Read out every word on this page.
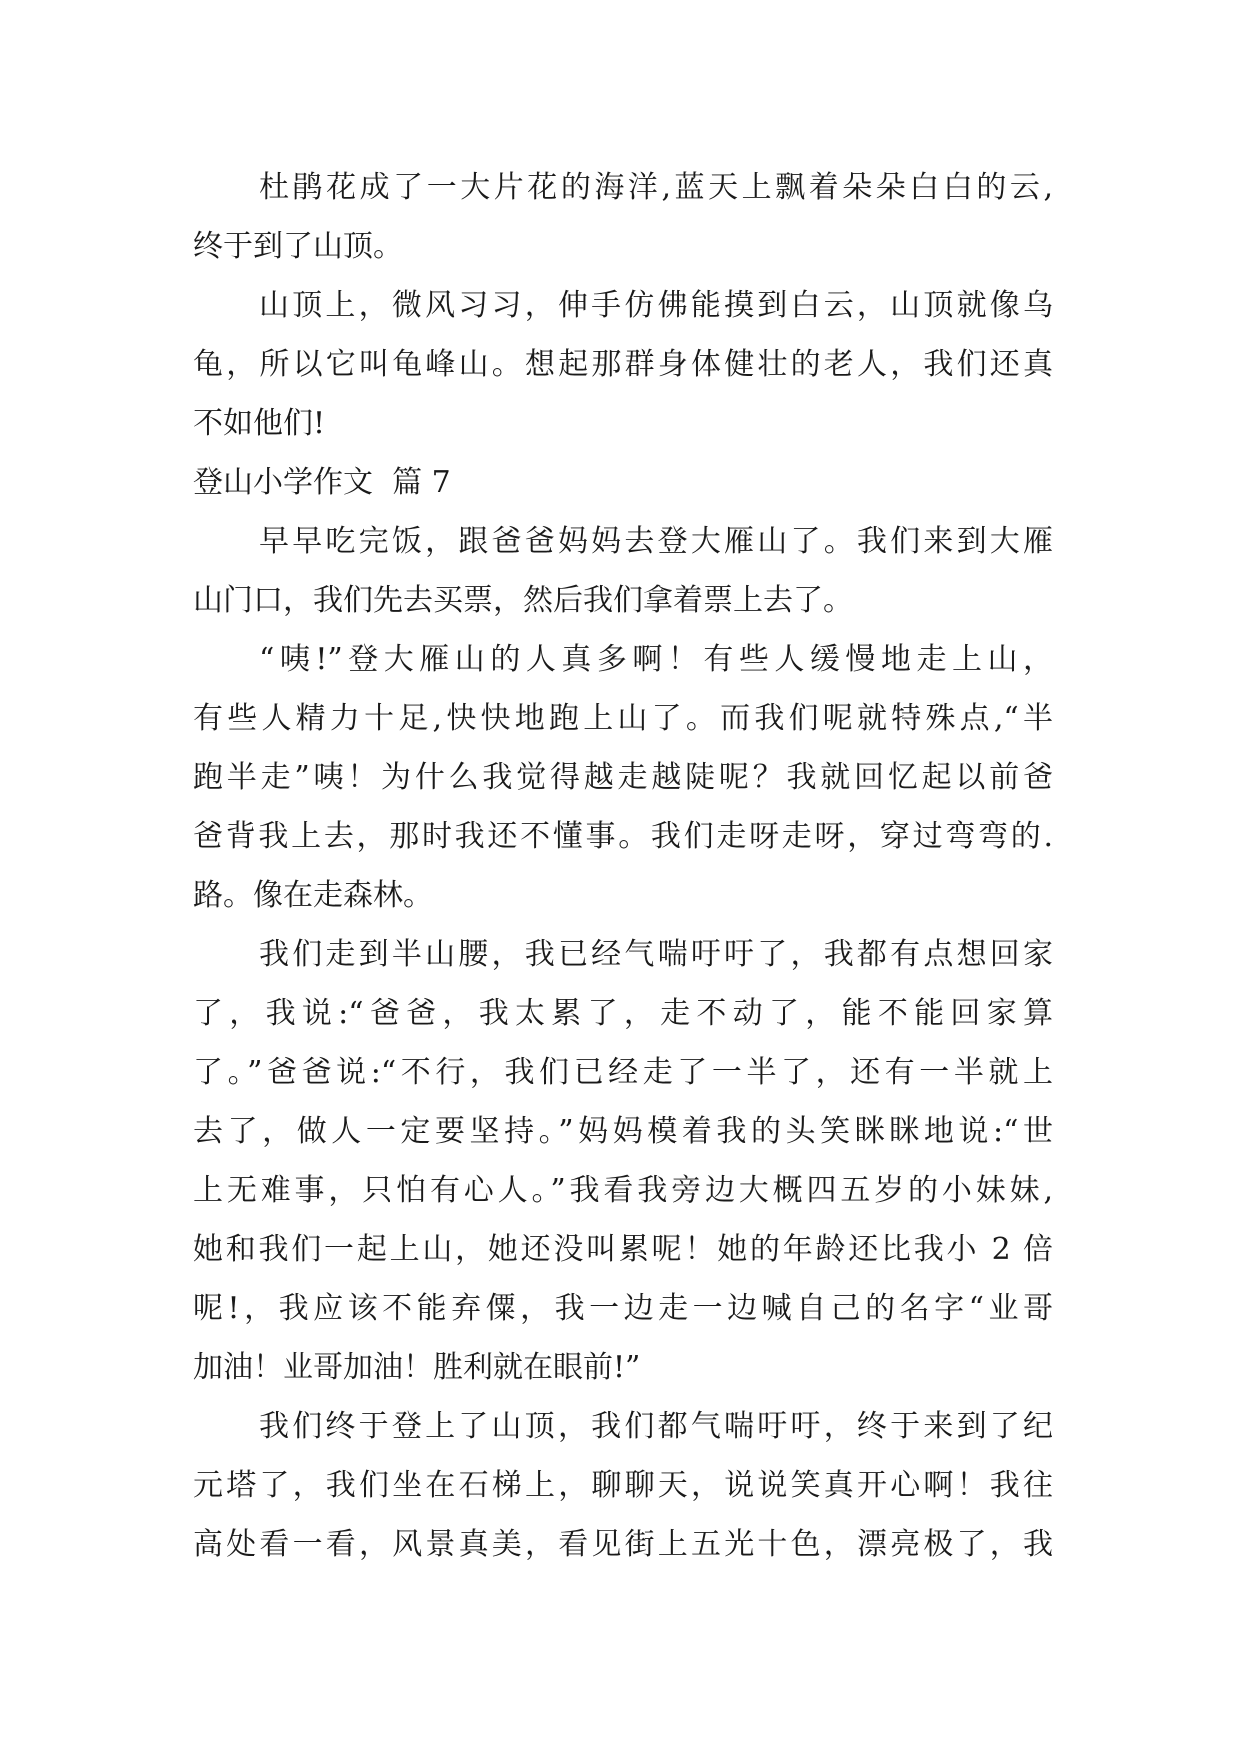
杜鹃花成了一大片花的海洋,蓝天上飘着朵朵白白的云,
终于到了山顶。
山顶上，微风习习，伸手仿佛能摸到白云，山顶就像乌
龟，所以它叫龟峰山。想起那群身体健壮的老人，我们还真
不如他们!
登山小学作文  篇 7
早早吃完饭，跟爸爸妈妈去登大雁山了。我们来到大雁
山门口，我们先去买票，然后我们拿着票上去了。
“咦!”登大雁山的人真多啊！有些人缓慢地走上山，
有些人精力十足,快快地跑上山了。而我们呢就特殊点,“半
跑半走”咦！为什么我觉得越走越陡呢？我就回忆起以前爸
爸背我上去，那时我还不懂事。我们走呀走呀，穿过弯弯的.
路。像在走森林。
我们走到半山腰，我已经气喘吁吁了，我都有点想回家
了，我说:“爸爸，我太累了，走不动了，能不能回家算
了。”爸爸说:“不行，我们已经走了一半了，还有一半就上
去了，做人一定要坚持。”妈妈模着我的头笑眯眯地说:“世
上无难事，只怕有心人。”我看我旁边大概四五岁的小妹妹,
她和我们一起上山，她还没叫累呢！她的年龄还比我小 2 倍
呢!，我应该不能弃僳，我一边走一边喊自己的名字“业哥
加油！业哥加油！胜利就在眼前!”
我们终于登上了山顶，我们都气喘吁吁，终于来到了纪
元塔了，我们坐在石梯上，聊聊天，说说笑真开心啊！我往
高处看一看，风景真美，看见街上五光十色，漂亮极了，我
